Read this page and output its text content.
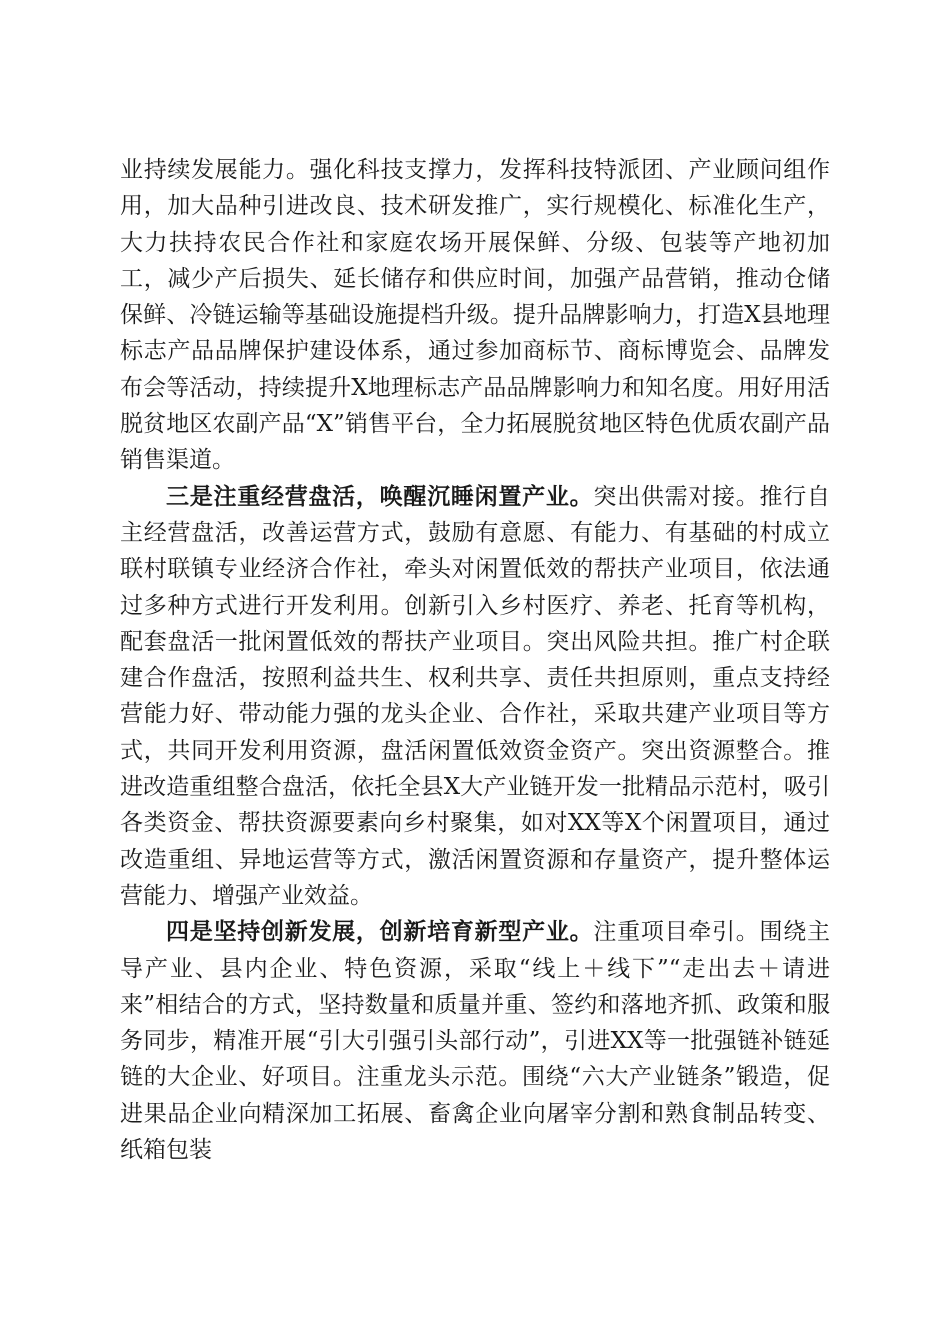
业持续发展能力。强化科技支撑力，发挥科技特派团、产业顾问组作用，加大品种引进改良、技术研发推广，实行规模化、标准化生产，大力扶持农民合作社和家庭农场开展保鲜、分级、包装等产地初加工，减少产后损失、延长储存和供应时间，加强产品营销，推动仓储保鲜、冷链运输等基础设施提档升级。提升品牌影响力，打造X县地理标志产品品牌保护建设体系，通过参加商标节、商标博览会、品牌发布会等活动，持续提升X地理标志产品品牌影响力和知名度。用好用活脱贫地区农副产品“X”销售平台，全力拓展脱贫地区特色优质农副产品销售渠道。

三是注重经营盘活，唤醒沉睡闲置产业。突出供需对接。推行自主经营盘活，改善运营方式，鼓励有意愿、有能力、有基础的村成立联村联镇专业经济合作社，牵头对闲置低效的帮扶产业项目，依法通过多种方式进行开发利用。创新引入乡村医疗、养老、托育等机构，配套盘活一批闲置低效的帮扶产业项目。突出风险共担。推广村企联建合作盘活，按照利益共生、权利共享、责任共担原则，重点支持经营能力好、带动能力强的龙头企业、合作社，采取共建产业项目等方式，共同开发利用资源，盘活闲置低效资金资产。突出资源整合。推进改造重组整合盘活，依托全县X大产业链开发一批精品示范村，吸引各类资金、帮扶资源要素向乡村聚集，如对XX等X个闲置项目，通过改造重组、异地运营等方式，激活闲置资源和存量资产，提升整体运营能力、增强产业效益。

四是坚持创新发展，创新培育新型产业。注重项目牵引。围绕主导产业、县内企业、特色资源，采取“线上＋线下”“走出去＋请进来”相结合的方式，坚持数量和质量并重、签约和落地齐抓、政策和服务同步，精准开展“引大引强引头部行动”，引进XX等一批强链补链延链的大企业、好项目。注重龙头示范。围绕“六大产业链条”锻造，促进果品企业向精深加工拓展、畜禽企业向屠宰分割和熟食制品转变、纸箱包装
